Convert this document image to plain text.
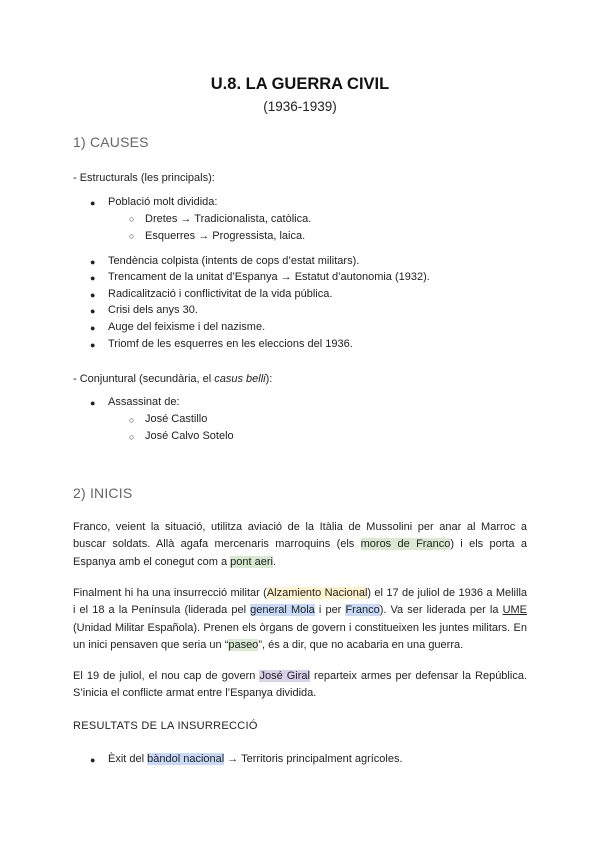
U.8. LA GUERRA CIVIL
(1936-1939)
1) CAUSES
- Estructurals (les principals):
● Població molt dividida:
○ Dretes → Tradicionalista, catòlica.
○ Esquerres → Progressista, laica.
● Tendència colpista (intents de cops d’estat militars).
● Trencament de la unitat d’Espanya → Estatut d’autonomia (1932).
● Radicalització i conflictivitat de la vida pública.
● Crisi dels anys 30.
● Auge del feixisme i del nazisme.
● Triomf de les esquerres en les eleccions del 1936.
- Conjuntural (secundària, el casus belli):
● Assassinat de:
○ José Castillo
○ José Calvo Sotelo
2) INICIS
Franco, veient la situació, utilitza aviació de la Itàlia de Mussolini per anar al Marroc a
buscar soldats. Allà agafa mercenaris marroquins (els moros de Franco) i els porta a
Espanya amb el conegut com a pont aeri.
Finalment hi ha una insurrecció militar (Alzamiento Nacional) el 17 de juliol de 1936 a Melilla
i el 18 a la Península (liderada pel general Mola i per Franco). Va ser liderada per la UME
(Unidad Militar Española). Prenen els òrgans de govern i constitueixen les juntes militars. En
un inici pensaven que seria un “paseo”, és a dir, que no acabaria en una guerra.
El 19 de juliol, el nou cap de govern José Giral reparteix armes per defensar la República.
S’inicia el conflicte armat entre l’Espanya dividida.
RESULTATS DE LA INSURRECCIÓ
● Èxit del bàndol nacional → Territoris principalment agrícoles.
